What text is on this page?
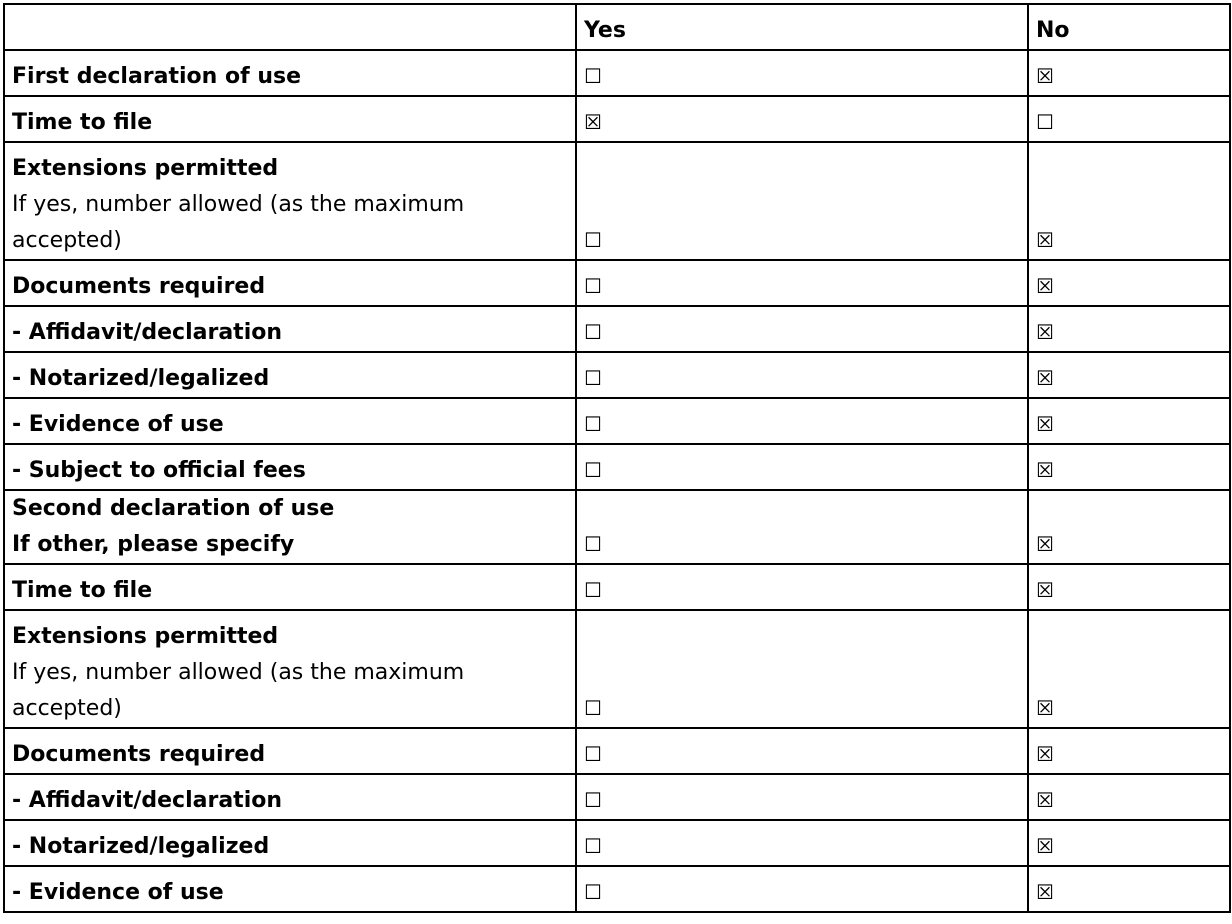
	Yes	No

First declaration of use	☐	☒

Time to file	☒	☐

Extensions permitted
If yes, number allowed (as the maximum accepted)	☐	☒

Documents required	☐	☒

- Affidavit/declaration	☐	☒

- Notarized/legalized	☐	☒

- Evidence of use	☐	☒

- Subject to official fees	☐	☒

Second declaration of use
If other, please specify	☐	☒

Time to file	☐	☒

Extensions permitted
If yes, number allowed (as the maximum accepted)	☐	☒

Documents required	☐	☒

- Affidavit/declaration	☐	☒

- Notarized/legalized	☐	☒

- Evidence of use	☐	☒
